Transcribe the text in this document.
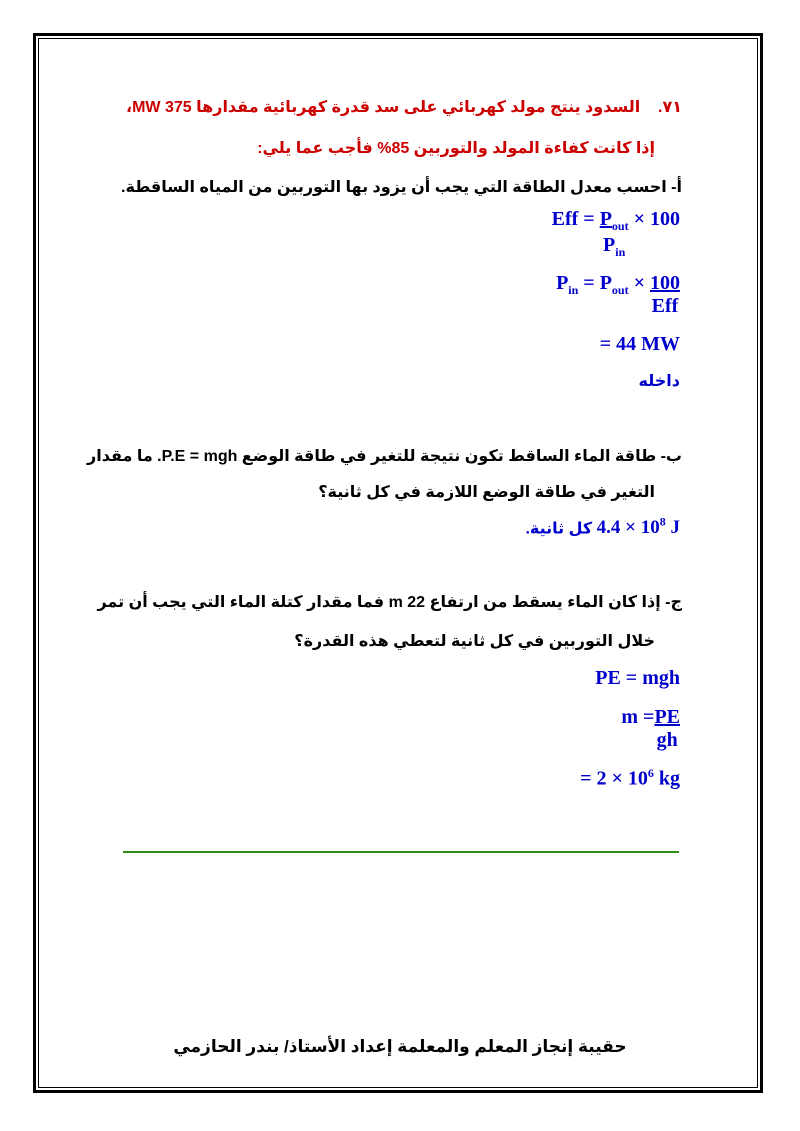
٧١.    السدود ينتج مولد كهربائي على سد قدرة كهربائية مقدارها 375 MW،
إذا كانت كفاءة المولد والتوربين 85% فأجب عما يلي:
أ- احسب معدل الطاقة التي يجب أن يزود بها التوربين من المياه الساقطة.
Eff = $\frac{P_{out}}{P_{in}} \times 100$
$P_{in} = P_{out} \times \frac{100}{\text{Eff}}$
= 44 MW
داخله
ب- طاقة الماء الساقط تكون نتيجة للتغير في طاقة الوضع P.E = mgh. ما مقدار
التغير في طاقة الوضع اللازمة في كل ثانية؟
$4.4 \times 10^8$ J كل ثانية.
ج- إذا كان الماء يسقط من ارتفاع 22 m فما مقدار كتلة الماء التي يجب أن تمر
خلال التوربين في كل ثانية لتعطي هذه القدرة؟
PE = mgh
$m = \frac{PE}{gh}$
= $2 \times 10^6$ kg
حقيبة إنجاز المعلم والمعلمة إعداد الأستاذ/ بندر الحازمي
